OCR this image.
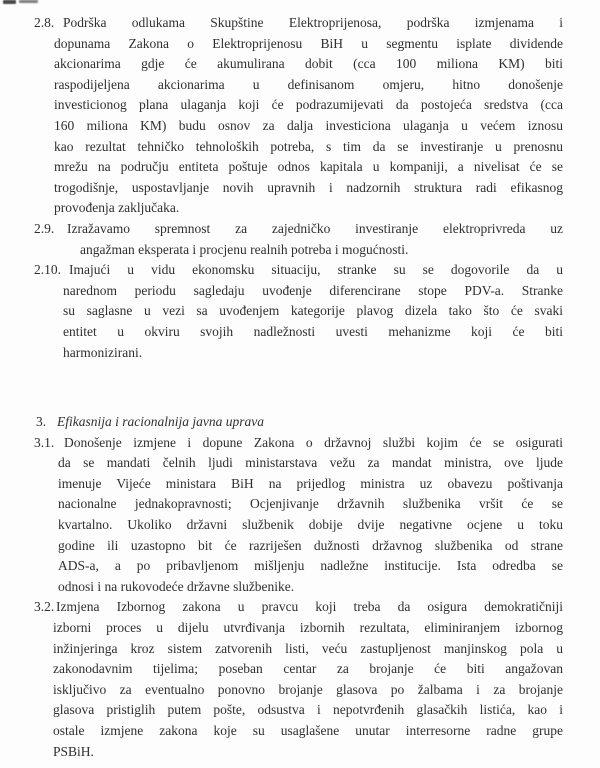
2.8. Podrška odlukama Skupštine Elektroprijenosa, podrška izmjenama i
dopunama Zakona o Elektroprijenosu BiH u segmentu isplate dividende
akcionarima gdje će akumulirana dobit (cca 100 miliona KM) biti
raspodijeljena akcionarima u definisanom omjeru, hitno donošenje
investicionog plana ulaganja koji će podrazumijevati da postojeća sredstva (cca
160 miliona KM) budu osnov za dalja investiciona ulaganja u većem iznosu
kao rezultat tehničko tehnoloških potreba, s tim da se investiranje u prenosnu
mrežu na području entiteta poštuje odnos kapitala u kompaniji, a nivelisat će se
trogodišnje, uspostavljanje novih upravnih i nadzornih struktura radi efikasnog
provođenja zaključaka.
2.9. Izražavamo spremnost za zajedničko investiranje elektroprivreda uz
angažman eksperata i procjenu realnih potreba i mogućnosti.
2.10. Imajući u vidu ekonomsku situaciju, stranke su se dogovorile da u
narednom periodu sagledaju uvođenje diferencirane stope PDV-a. Stranke
su saglasne u vezi sa uvođenjem kategorije plavog dizela tako što će svaki
entitet u okviru svojih nadležnosti uvesti mehanizme koji će biti
harmonizirani.
3. Efikasnija i racionalnija javna uprava
3.1. Donošenje izmjene i dopune Zakona o državnoj službi kojim će se osigurati
da se mandati čelnih ljudi ministarstava vežu za mandat ministra, ove ljude
imenuje Vijeće ministara BiH na prijedlog ministra uz obavezu poštivanja
nacionalne jednakopravnosti; Ocjenjivanje državnih službenika vršit će se
kvartalno. Ukoliko državni službenik dobije dvije negativne ocjene u toku
godine ili uzastopno bit će razriješen dužnosti državnog službenika od strane
ADS-a, a po pribavljenom mišljenju nadležne institucije. Ista odredba se
odnosi i na rukovodeće državne službenike.
3.2. Izmjena Izbornog zakona u pravcu koji treba da osigura demokratičniji
izborni proces u dijelu utvrđivanja izbornih rezultata, eliminiranjem izbornog
inžinjeringa kroz sistem zatvorenih listi, veću zastupljenost manjinskog pola u
zakonodavnim tijelima; poseban centar za brojanje će biti angažovan
isključivo za eventualno ponovno brojanje glasova po žalbama i za brojanje
glasova pristiglih putem pošte, odsustva i nepotvrđenih glasačkih listića, kao i
ostale izmjene zakona koje su usaglašene unutar interresorne radne grupe
PSBiH.
